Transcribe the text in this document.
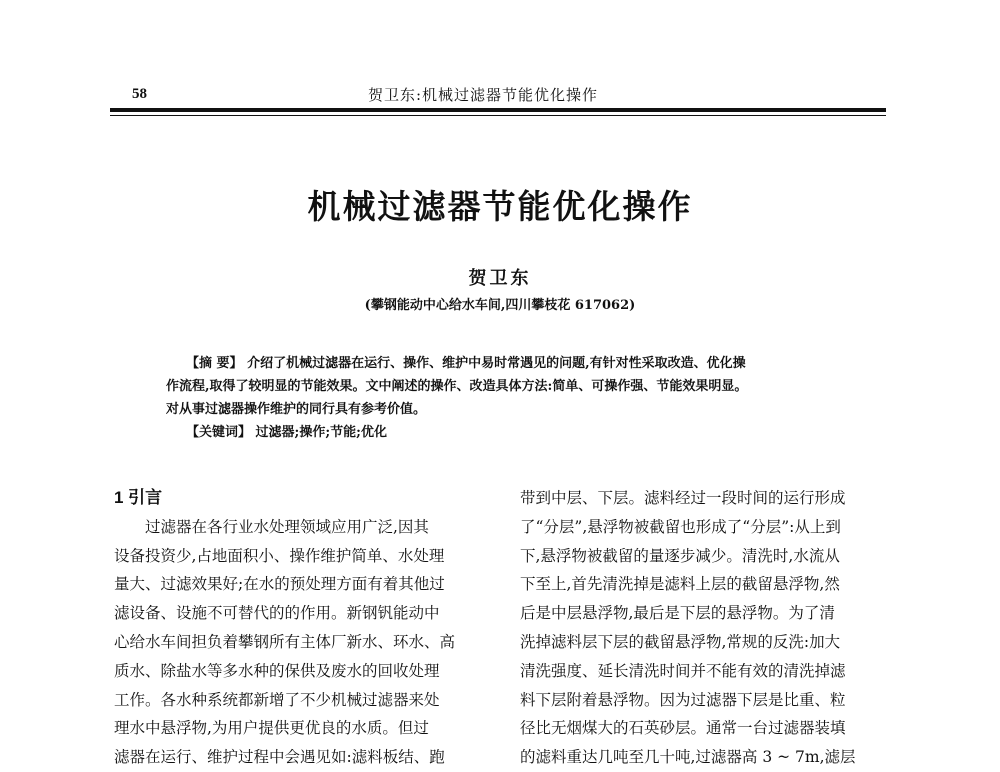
58	贺卫东:机械过滤器节能优化操作
机械过滤器节能优化操作
贺卫东
(攀钢能动中心给水车间,四川攀枝花 617062)
【摘 要】 介绍了机械过滤器在运行、操作、维护中易时常遇见的问题,有针对性采取改造、优化操
作流程,取得了较明显的节能效果。文中阐述的操作、改造具体方法:简单、可操作强、节能效果明显。
对从事过滤器操作维护的同行具有参考价值。
【关键词】 过滤器;操作;节能;优化
1 引言
过滤器在各行业水处理领域应用广泛,因其
设备投资少,占地面积小、操作维护简单、水处理
量大、过滤效果好;在水的预处理方面有着其他过
滤设备、设施不可替代的的作用。新钢钒能动中
心给水车间担负着攀钢所有主体厂新水、环水、高
质水、除盐水等多水种的保供及废水的回收处理
工作。各水种系统都新增了不少机械过滤器来处
理水中悬浮物,为用户提供更优良的水质。但过
滤器在运行、维护过程中会遇见如:滤料板结、跑
带到中层、下层。滤料经过一段时间的运行形成
了“分层”,悬浮物被截留也形成了“分层”:从上到
下,悬浮物被截留的量逐步减少。清洗时,水流从
下至上,首先清洗掉是滤料上层的截留悬浮物,然
后是中层悬浮物,最后是下层的悬浮物。为了清
洗掉滤料层下层的截留悬浮物,常规的反洗:加大
清洗强度、延长清洗时间并不能有效的清洗掉滤
料下层附着悬浮物。因为过滤器下层是比重、粒
径比无烟煤大的石英砂层。通常一台过滤器装填
的滤料重达几吨至几十吨,过滤器高 3 ~ 7m,滤层
